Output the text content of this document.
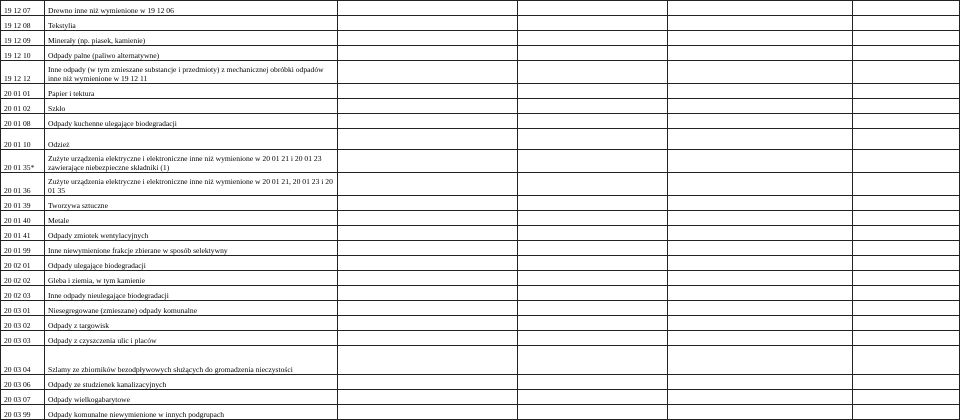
19 12 07	Drewno inne niż wymienione w 19 12 06				
19 12 08	Tekstylia				
19 12 09	Minerały (np. piasek, kamienie)				
19 12 10	Odpady palne (paliwo alternatywne)				
19 12 12	Inne odpady (w tym zmieszane substancje i przedmioty) z mechanicznej obróbki odpadów inne niż wymienione w 19 12 11				
20 01 01	Papier i tektura				
20 01 02	Szkło				
20 01 08	Odpady kuchenne ulegające biodegradacji				
20 01 10	Odzież				
20 01 35*	Zużyte urządzenia elektryczne i elektroniczne inne niż wymienione w 20 01 21 i 20 01 23 zawierające niebezpieczne składniki (1)				
20 01 36	Zużyte urządzenia elektryczne i elektroniczne inne niż wymienione w 20 01 21, 20 01 23 i 20 01 35				
20 01 39	Tworzywa sztuczne				
20 01 40	Metale				
20 01 41	Odpady zmiotek wentylacyjnych				
20 01 99	Inne niewymienione frakcje zbierane w sposób selektywny				
20 02 01	Odpady ulegające biodegradacji				
20 02 02	Gleba i ziemia, w tym kamienie				
20 02 03	Inne odpady nieulegające biodegradacji				
20 03 01	Niesegregowane (zmieszane) odpady komunalne				
20 03 02	Odpady z targowisk				
20 03 03	Odpady z czyszczenia ulic i placów				
20 03 04	Szlamy ze zbiorników bezodpływowych służących do gromadzenia nieczystości				
20 03 06	Odpady ze studzienek kanalizacyjnych				
20 03 07	Odpady wielkogabarytowe				
20 03 99	Odpady komunalne niewymienione w innych podgrupach				
